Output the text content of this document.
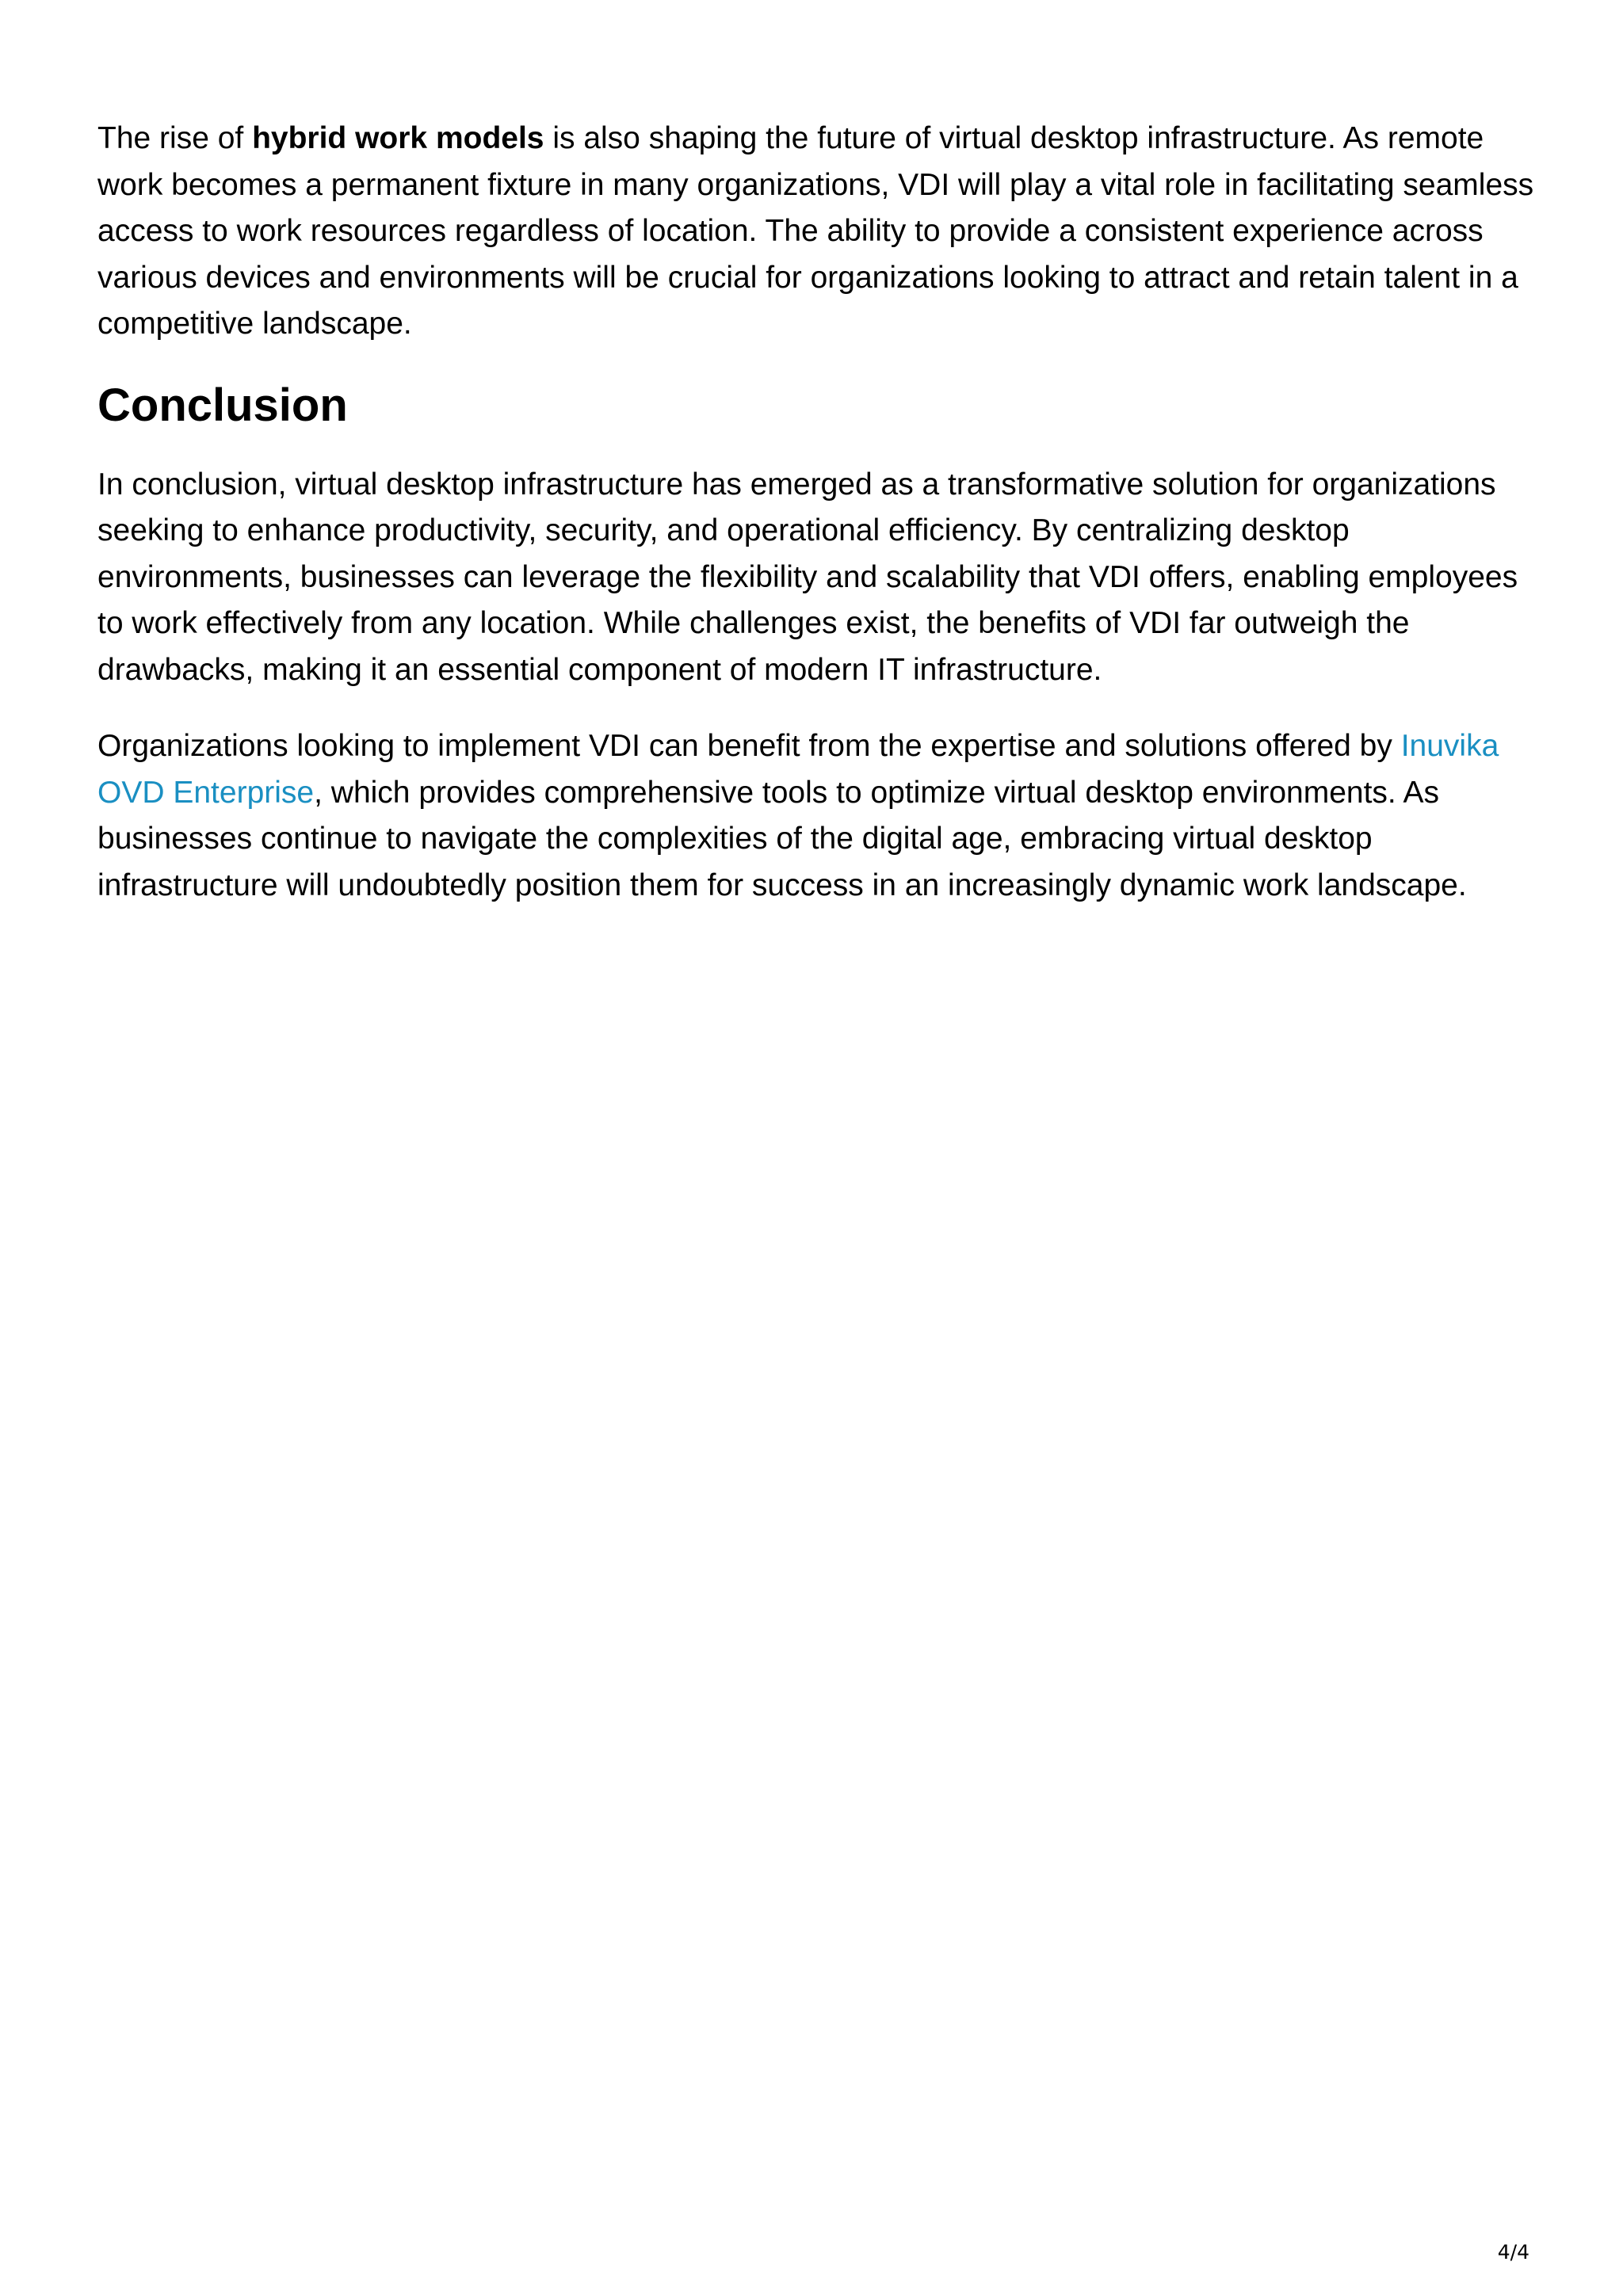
The rise of hybrid work models is also shaping the future of virtual desktop infrastructure. As remote work becomes a permanent fixture in many organizations, VDI will play a vital role in facilitating seamless access to work resources regardless of location. The ability to provide a consistent experience across various devices and environments will be crucial for organizations looking to attract and retain talent in a competitive landscape.

Conclusion

In conclusion, virtual desktop infrastructure has emerged as a transformative solution for organizations seeking to enhance productivity, security, and operational efficiency. By centralizing desktop environments, businesses can leverage the flexibility and scalability that VDI offers, enabling employees to work effectively from any location. While challenges exist, the benefits of VDI far outweigh the drawbacks, making it an essential component of modern IT infrastructure.

Organizations looking to implement VDI can benefit from the expertise and solutions offered by Inuvika OVD Enterprise, which provides comprehensive tools to optimize virtual desktop environments. As businesses continue to navigate the complexities of the digital age, embracing virtual desktop infrastructure will undoubtedly position them for success in an increasingly dynamic work landscape.

4/4
